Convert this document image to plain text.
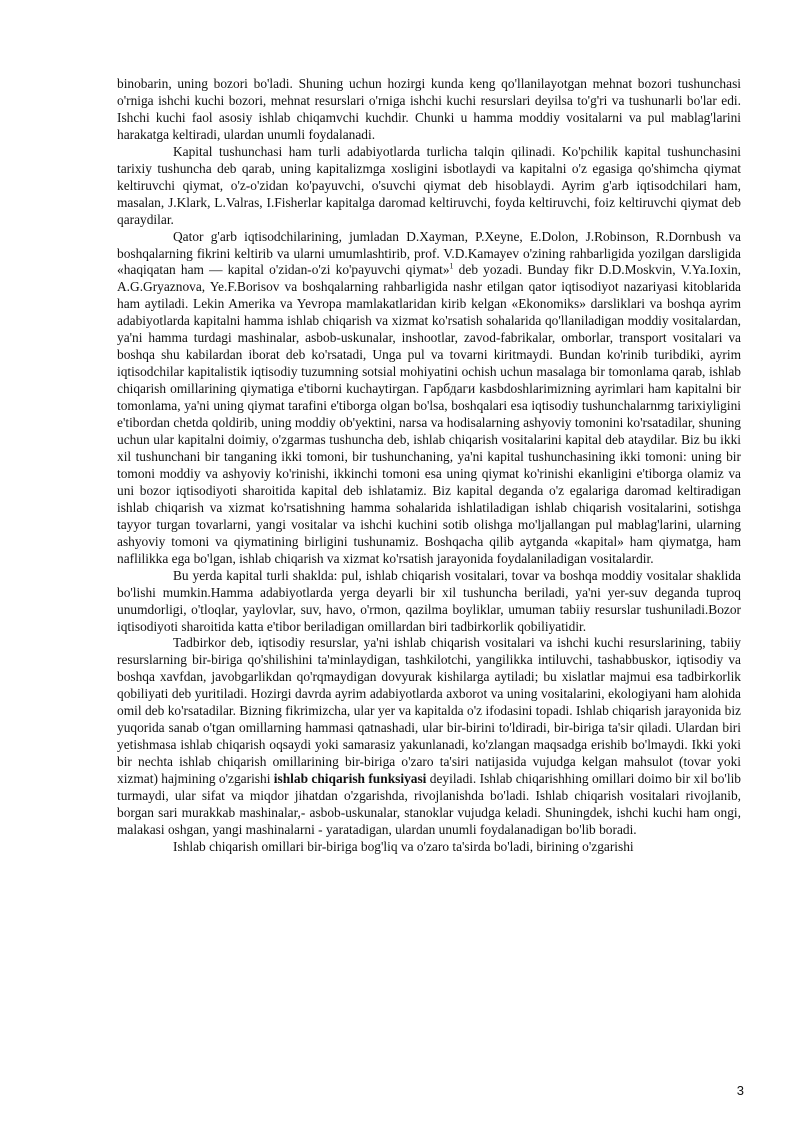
binobarin, uning bozori bo'ladi. Shuning uchun hozirgi kunda keng qo'llanilayotgan mehnat bozori tushunchasi o'rniga ishchi kuchi bozori, mehnat resurslari o'rniga ishchi kuchi resurslari deyilsa to'g'ri va tushunarli bo'lar edi. Ishchi kuchi faol asosiy ishlab chiqamvchi kuchdir. Chunki u hamma moddiy vositalarni va pul mablag'larini harakatga keltiradi, ulardan unumli foydalanadi.

Kapital tushunchasi ham turli adabiyotlarda turlicha talqin qilinadi. Ko'pchilik kapital tushunchasini tarixiy tushuncha deb qarab, uning kapitalizmga xosligini isbotlaydi va kapitalni o'z egasiga qo'shimcha qiymat keltiruvchi qiymat, o'z-o'zidan ko'payuvchi, o'suvchi qiymat deb hisoblaydi. Ayrim g'arb iqtisodchilari ham, masalan, J.Klark, L.Valras, I.Fisherlar kapitalga daromad keltiruvchi, foyda keltiruvchi, foiz keltiruvchi qiymat deb qaraydilar.

Qator g'arb iqtisodchilarining, jumladan D.Xayman, P.Xeyne, E.Dolon, J.Robinson, R.Dornbush va boshqalarning fikrini keltirib va ularni umumlashtirib, prof. V.D.Kamayev o'zining rahbarligida yozilgan darsligida «haqiqatan ham — kapital o'zidan-o'zi ko'payuvchi qiymat»$^1$ deb yozadi. Bunday fikr D.D.Moskvin, V.Ya.Ioxin, A.G.Gryaznova, Ye.F.Borisov va boshqalarning rahbarligida nashr etilgan qator iqtisodiyot nazariyasi kitoblarida ham aytiladi. Lekin Amerika va Yevropa mamlakatlaridan kirib kelgan «Ekonomiks» darsliklari va boshqa ayrim adabiyotlarda kapitalni hamma ishlab chiqarish va xizmat ko'rsatish sohalarida qo'llaniladigan moddiy vositalardan, ya'ni hamma turdagi mashinalar, asbob-uskunalar, inshootlar, zavod-fabrikalar, omborlar, transport vositalari va boshqa shu kabilardan iborat deb ko'rsatadi, Unga pul va tovarni kiritmaydi. Bundan ko'rinib turibdiki, ayrim iqtisodchilar kapitalistik iqtisodiy tuzumning sotsial mohiyatini ochish uchun masalaga bir tomonlama qarab, ishlab chiqarish omillarining qiymatiga e'tiborni kuchaytirgan. Гарбдаги kasbdoshlarimizning ayrimlari ham kapitalni bir tomonlama, ya'ni uning qiymat tarafini e'tiborga olgan bo'lsa, boshqalari esa iqtisodiy tushunchalarnmg tarixiyligini e'tibordan chetda qoldirib, uning moddiy ob'yektini, narsa va hodisalarning ashyoviy tomonini ko'rsatadilar, shuning uchun ular kapitalni doimiy, o'zgarmas tushuncha deb, ishlab chiqarish vositalarini kapital deb ataydilar. Biz bu ikki xil tushunchani bir tanganing ikki tomoni, bir tushunchaning, ya'ni kapital tushunchasining ikki tomoni: uning bir tomoni moddiy va ashyoviy ko'rinishi, ikkinchi tomoni esa uning qiymat ko'rinishi ekanligini e'tiborga olamiz va uni bozor iqtisodiyoti sharoitida kapital deb ishlatamiz. Biz kapital deganda o'z egalariga daromad keltiradigan ishlab chiqarish va xizmat ko'rsatishning hamma sohalarida ishlatiladigan ishlab chiqarish vositalarini, sotishga tayyor turgan tovarlarni, yangi vositalar va ishchi kuchini sotib olishga mo'ljallangan pul mablag'larini, ularning ashyoviy tomoni va qiymatining birligini tushunamiz. Boshqacha qilib aytganda «kapital» ham qiymatga, ham naflilikka ega bo'lgan, ishlab chiqarish va xizmat ko'rsatish jarayonida foydalaniladigan vositalardir.

Bu yerda kapital turli shaklda: pul, ishlab chiqarish vositalari, tovar va boshqa moddiy vositalar shaklida bo'lishi mumkin.Hamma adabiyotlarda yerga deyarli bir xil tushuncha beriladi, ya'ni yer-suv deganda tuproq unumdorligi, o'tloqlar, yaylovlar, suv, havo, o'rmon, qazilma boyliklar, umuman tabiiy resurslar tushuniladi.Bozor iqtisodiyoti sharoitida katta e'tibor beriladigan omillardan biri tadbirkorlik qobiliyatidir.

Tadbirkor deb, iqtisodiy resurslar, ya'ni ishlab chiqarish vositalari va ishchi kuchi resurslarining, tabiiy resurslarning bir-biriga qo'shilishini ta'minlaydigan, tashkilotchi, yangilikka intiluvchi, tashabbuskor, iqtisodiy va boshqa xavfdan, javobgarlikdan qo'rqmaydigan dovyurak kishilarga aytiladi; bu xislatlar majmui esa tadbirkorlik qobiliyati deb yuritiladi. Hozirgi davrda ayrim adabiyotlarda axborot va uning vositalarini, ekologiyani ham alohida omil deb ko'rsatadilar. Bizning fikrimizcha, ular yer va kapitalda o'z ifodasini topadi. Ishlab chiqarish jarayonida biz yuqorida sanab o'tgan omillarning hammasi qatnashadi, ular bir-birini to'ldiradi, bir-biriga ta'sir qiladi. Ulardan biri yetishmasa ishlab chiqarish oqsaydi yoki samarasiz yakunlanadi, ko'zlangan maqsadga erishib bo'lmaydi. Ikki yoki bir nechta ishlab chiqarish omillarining bir-biriga o'zaro ta'siri natijasida vujudga kelgan mahsulot (tovar yoki xizmat) hajmining o'zgarishi ishlab chiqarish funksiyasi deyiladi. Ishlab chiqarishhing omillari doimo bir xil bo'lib turmaydi, ular sifat va miqdor jihatdan o'zgarishda, rivojlanishda bo'ladi. Ishlab chiqarish vositalari rivojlanib, borgan sari murakkab mashinalar,- asbob-uskunalar, stanoklar vujudga keladi. Shuningdek, ishchi kuchi ham ongi, malakasi oshgan, yangi mashinalarni - yaratadigan, ulardan unumli foydalanadigan bo'lib boradi.

Ishlab chiqarish omillari bir-biriga bog'liq va o'zaro ta'sirda bo'ladi, birining o'zgarishi

3
